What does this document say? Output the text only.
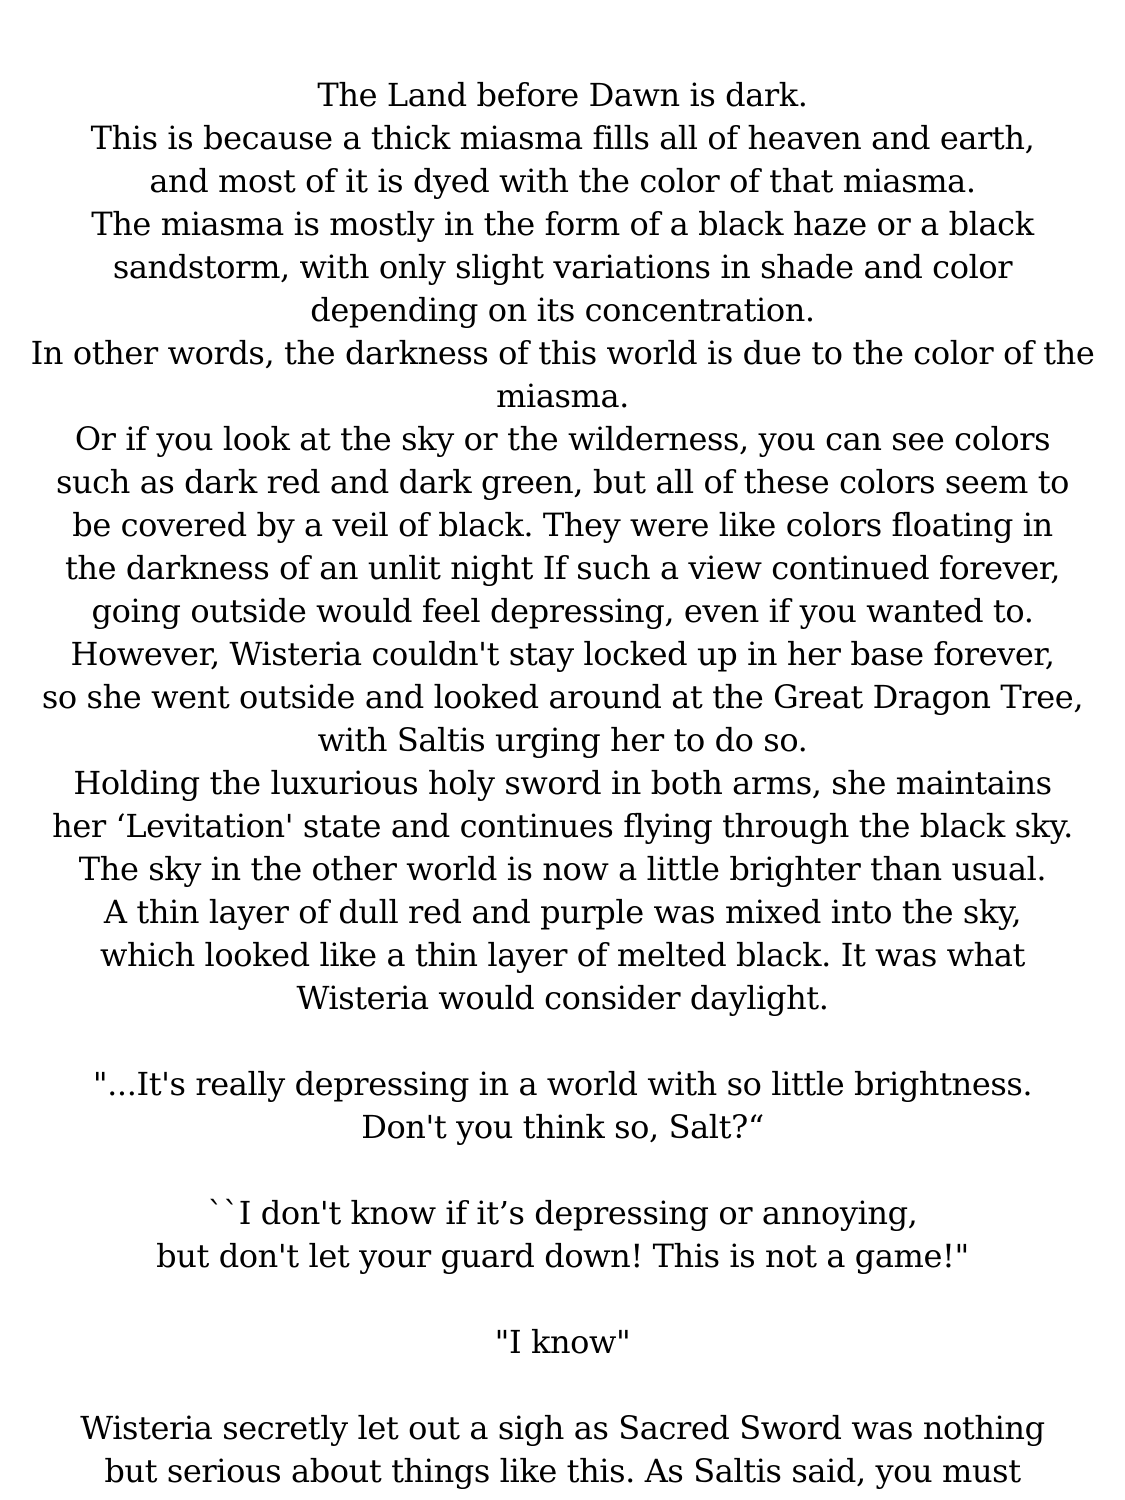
The Land before Dawn is dark.
This is because a thick miasma fills all of heaven and earth,
and most of it is dyed with the color of that miasma.
The miasma is mostly in the form of a black haze or a black
sandstorm, with only slight variations in shade and color
depending on its concentration.
In other words, the darkness of this world is due to the color of the
miasma.
Or if you look at the sky or the wilderness, you can see colors
such as dark red and dark green, but all of these colors seem to
be covered by a veil of black. They were like colors floating in
the darkness of an unlit night If such a view continued forever,
going outside would feel depressing, even if you wanted to.
However, Wisteria couldn't stay locked up in her base forever,
so she went outside and looked around at the Great Dragon Tree,
with Saltis urging her to do so.
Holding the luxurious holy sword in both arms, she maintains
her ‘Levitation' state and continues flying through the black sky.
The sky in the other world is now a little brighter than usual.
A thin layer of dull red and purple was mixed into the sky,
which looked like a thin layer of melted black. It was what
Wisteria would consider daylight.

"...It's really depressing in a world with so little brightness.
Don't you think so, Salt?“

``I don't know if it’s depressing or annoying,
but don't let your guard down! This is not a game!"

"I know"

Wisteria secretly let out a sigh as Sacred Sword was nothing
but serious about things like this. As Saltis said, you must
